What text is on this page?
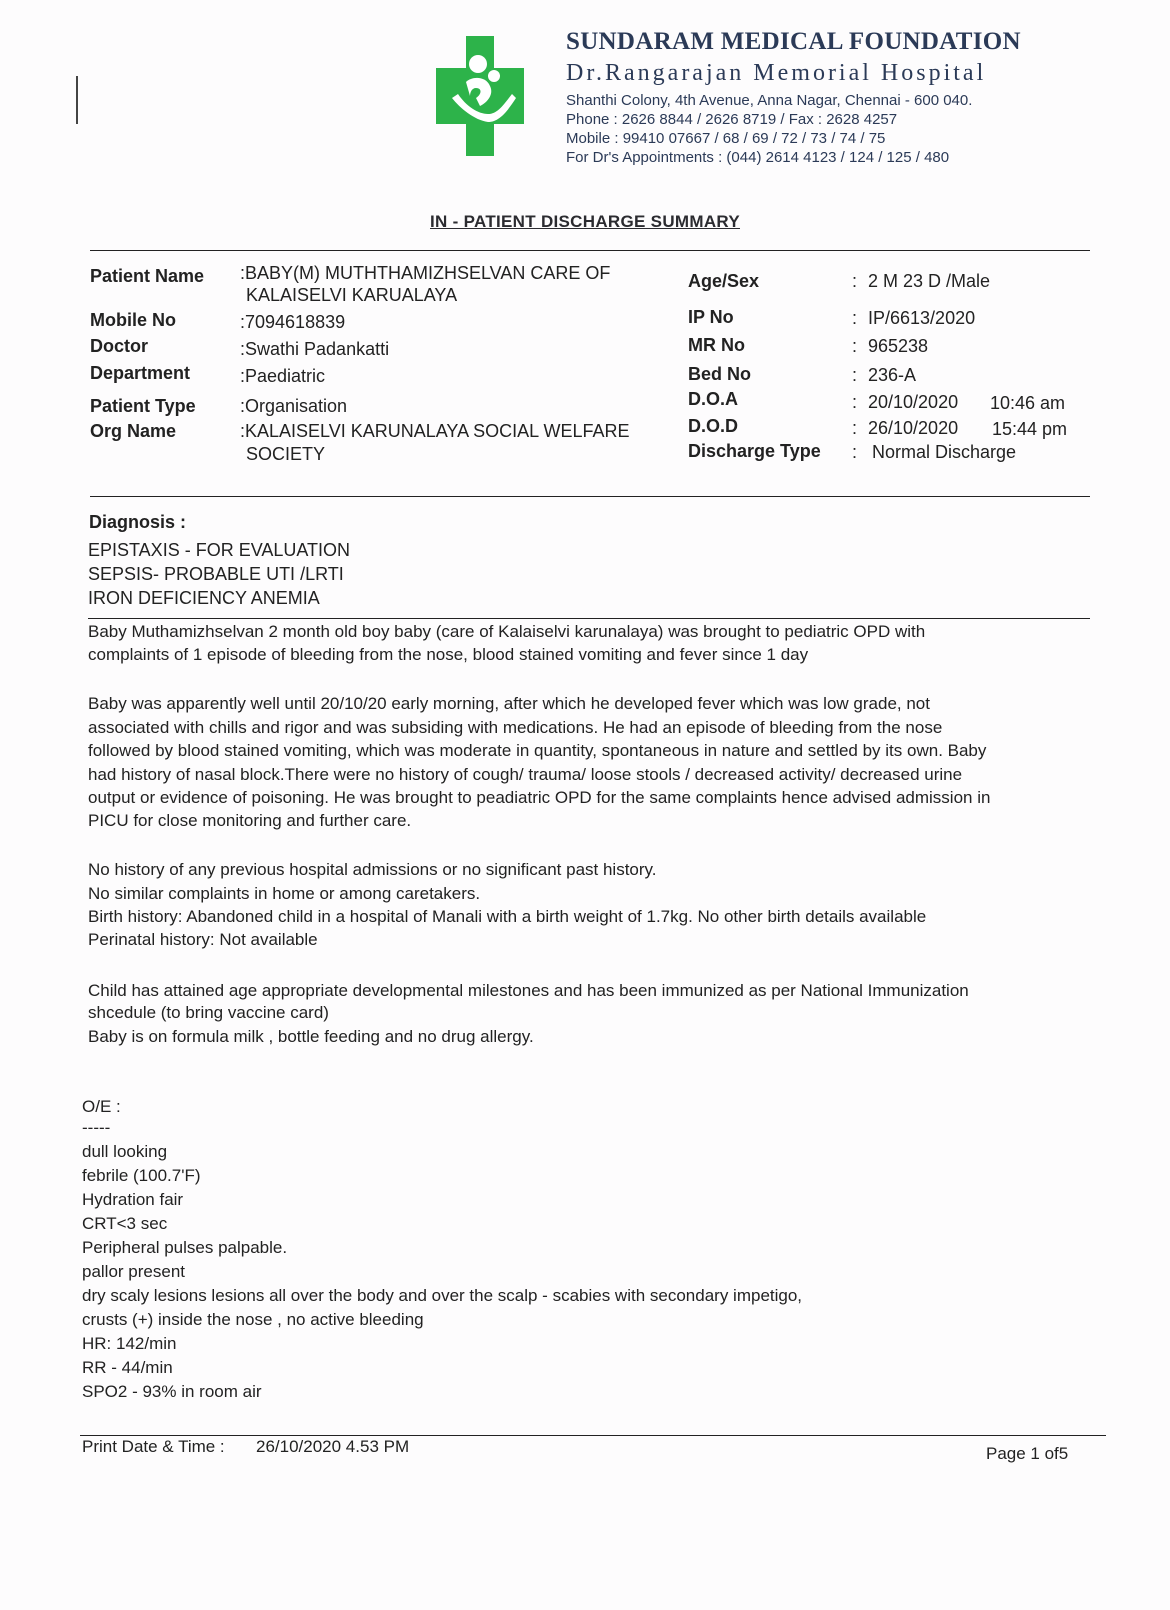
SUNDARAM MEDICAL FOUNDATION
Dr.Rangarajan Memorial Hospital
Shanthi Colony, 4th Avenue, Anna Nagar, Chennai - 600 040.
Phone : 2626 8844 / 2626 8719 / Fax : 2628 4257
Mobile : 99410 07667 / 68 / 69 / 72 / 73 / 74 / 75
For Dr's Appointments : (044) 2614 4123 / 124 / 125 / 480
IN - PATIENT DISCHARGE SUMMARY
Patient Name :BABY(M) MUTHTHAMIZHSELVAN CARE OF
KALAISELVI KARUALAYA
Mobile No	:7094618839
Doctor	:Swathi Padankatti
Department	:Paediatric
Patient Type :Organisation
Org Name	:KALAISELVI KARUNALAYA SOCIAL WELFARE
SOCIETY
Age/Sex	: 2 M 23 D /Male
IP No	: IP/6613/2020
MR No	: 965238
Bed No	: 236-A
D.O.A	: 20/10/2020 10:46 am
D.O.D	: 26/10/2020 15:44 pm
Discharge Type : Normal Discharge
Diagnosis :
EPISTAXIS - FOR EVALUATION
SEPSIS- PROBABLE UTI /LRTI
IRON DEFICIENCY ANEMIA
Baby Muthamizhselvan 2 month old boy baby (care of Kalaiselvi karunalaya) was brought to pediatric OPD with
complaints of 1 episode of bleeding from the nose, blood stained vomiting and fever since 1 day
Baby was apparently well until 20/10/20 early morning, after which he developed fever which was low grade, not
associated with chills and rigor and was subsiding with medications. He had an episode of bleeding from the nose
followed by blood stained vomiting, which was moderate in quantity, spontaneous in nature and settled by its own. Baby
had history of nasal block.There were no history of cough/ trauma/ loose stools / decreased activity/ decreased urine
output or evidence of poisoning. He was brought to peadiatric OPD for the same complaints hence advised admission in
PICU for close monitoring and further care.
No history of any previous hospital admissions or no significant past history.
No similar complaints in home or among caretakers.
Birth history: Abandoned child in a hospital of Manali with a birth weight of 1.7kg. No other birth details available
Perinatal history: Not available
Child has attained age appropriate developmental milestones and has been immunized as per National Immunization
shcedule (to bring vaccine card)
Baby is on formula milk , bottle feeding and no drug allergy.
O/E :
-----
dull looking
febrile (100.7'F)
Hydration fair
CRT<3 sec
Peripheral pulses palpable.
pallor present
dry scaly lesions lesions all over the body and over the scalp - scabies with secondary impetigo,
crusts (+) inside the nose , no active bleeding
HR: 142/min
RR - 44/min
SPO2 - 93% in room air
Print Date & Time : 26/10/2020 4.53 PM	Page 1 of5
